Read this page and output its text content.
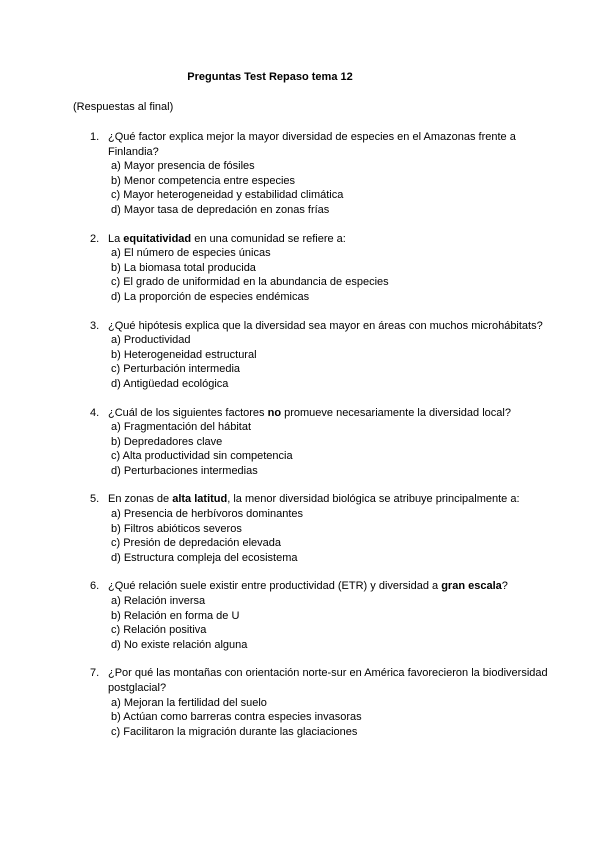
Preguntas Test Repaso tema 12
(Respuestas al final)
1. ¿Qué factor explica mejor la mayor diversidad de especies en el Amazonas frente a Finlandia?
a) Mayor presencia de fósiles
b) Menor competencia entre especies
c) Mayor heterogeneidad y estabilidad climática
d) Mayor tasa de depredación en zonas frías
2. La equitatividad en una comunidad se refiere a:
a) El número de especies únicas
b) La biomasa total producida
c) El grado de uniformidad en la abundancia de especies
d) La proporción de especies endémicas
3. ¿Qué hipótesis explica que la diversidad sea mayor en áreas con muchos microhábitats?
a) Productividad
b) Heterogeneidad estructural
c) Perturbación intermedia
d) Antigüedad ecológica
4. ¿Cuál de los siguientes factores no promueve necesariamente la diversidad local?
a) Fragmentación del hábitat
b) Depredadores clave
c) Alta productividad sin competencia
d) Perturbaciones intermedias
5. En zonas de alta latitud, la menor diversidad biológica se atribuye principalmente a:
a) Presencia de herbívoros dominantes
b) Filtros abióticos severos
c) Presión de depredación elevada
d) Estructura compleja del ecosistema
6. ¿Qué relación suele existir entre productividad (ETR) y diversidad a gran escala?
a) Relación inversa
b) Relación en forma de U
c) Relación positiva
d) No existe relación alguna
7. ¿Por qué las montañas con orientación norte-sur en América favorecieron la biodiversidad postglacial?
a) Mejoran la fertilidad del suelo
b) Actúan como barreras contra especies invasoras
c) Facilitaron la migración durante las glaciaciones
